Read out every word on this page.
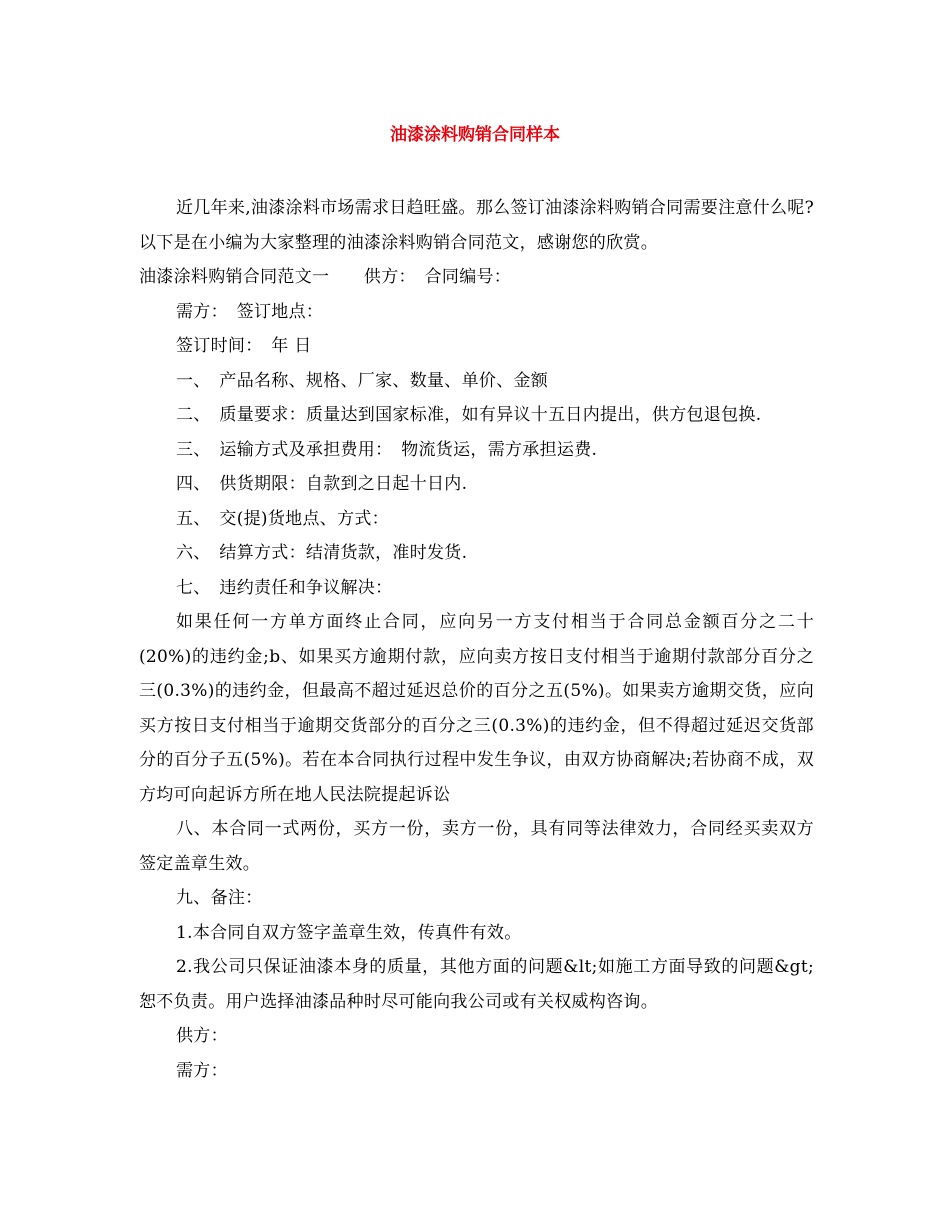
油漆涂料购销合同样本

近几年来,油漆涂料市场需求日趋旺盛。那么签订油漆涂料购销合同需要注意什么呢?以下是在小编为大家整理的油漆涂料购销合同范文，感谢您的欣赏。

油漆涂料购销合同范文一　　供方：　合同编号：

需方：　签订地点：

签订时间：　年 日

一、　产品名称、规格、厂家、数量、单价、金额

二、　质量要求：质量达到国家标准，如有异议十五日内提出，供方包退包换.

三、　运输方式及承担费用：　物流货运，需方承担运费.

四、　供货期限：自款到之日起十日内.

五、　交(提)货地点、方式：

六、　结算方式：结清货款，准时发货.

七、　违约责任和争议解决：

如果任何一方单方面终止合同，应向另一方支付相当于合同总金额百分之二十(20%)的违约金;b、如果买方逾期付款，应向卖方按日支付相当于逾期付款部分百分之三(0.3%)的违约金，但最高不超过延迟总价的百分之五(5%)。如果卖方逾期交货，应向买方按日支付相当于逾期交货部分的百分之三(0.3%)的违约金，但不得超过延迟交货部分的百分子五(5%)。若在本合同执行过程中发生争议，由双方协商解决;若协商不成，双方均可向起诉方所在地人民法院提起诉讼

八、本合同一式两份，买方一份，卖方一份，具有同等法律效力，合同经买卖双方签定盖章生效。

九、备注：

1.本合同自双方签字盖章生效，传真件有效。

2.我公司只保证油漆本身的质量，其他方面的问题&lt;如施工方面导致的问题&gt;恕不负责。用户选择油漆品种时尽可能向我公司或有关权威构咨询。

供方：

需方：
